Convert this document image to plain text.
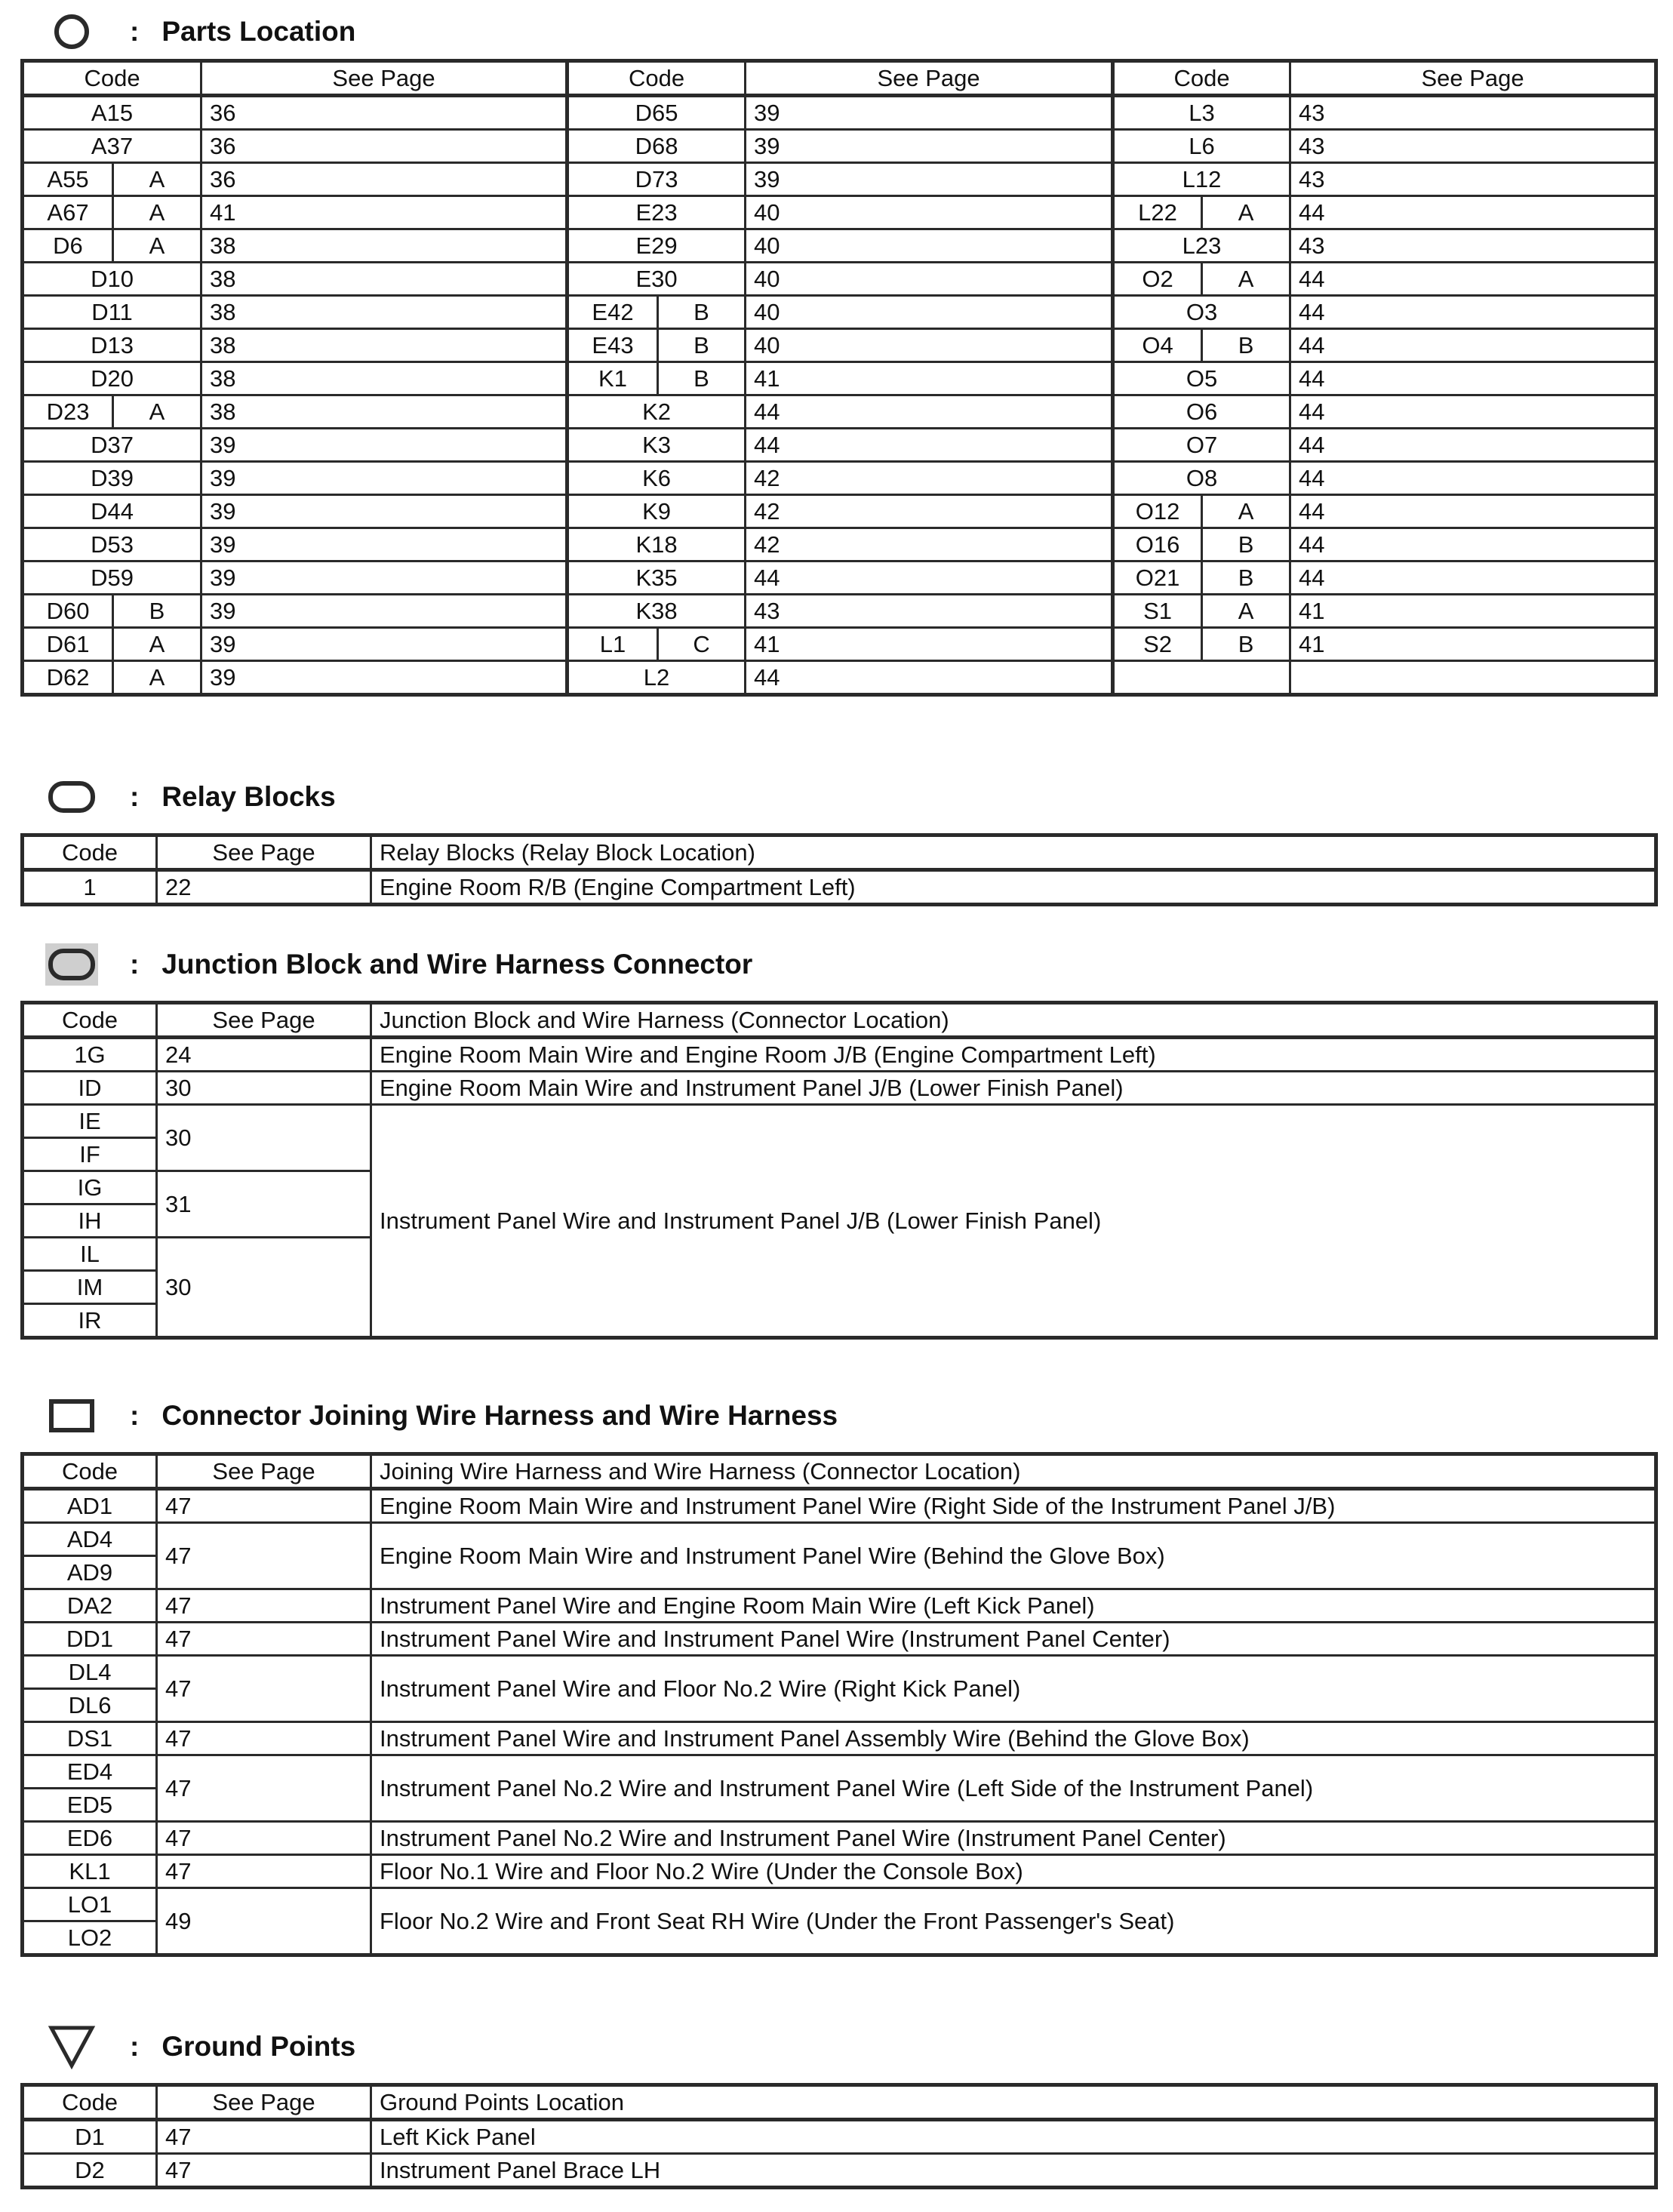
: Parts Location
Code		See Page	Code		See Page	Code		See Page
A15		36	D65		39	L3		43
A37		36	D68		39	L6		43
A55	A	36	D73		39	L12		43
A67	A	41	E23		40	L22	A	44
D6	A	38	E29		40	L23		43
D10		38	E30		40	O2	A	44
D11		38	E42	B	40	O3		44
D13		38	E43	B	40	O4	B	44
D20		38	K1	B	41	O5		44
D23	A	38	K2		44	O6		44
D37		39	K3		44	O7		44
D39		39	K6		42	O8		44
D44		39	K9		42	O12	A	44
D53		39	K18		42	O16	B	44
D59		39	K35		44	O21	B	44
D60	B	39	K38		43	S1	A	41
D61	A	39	L1	C	41	S2	B	41
D62	A	39	L2		44			
: Relay Blocks
Code	See Page	Relay Blocks (Relay Block Location)
1	22	Engine Room R/B (Engine Compartment Left)
: Junction Block and Wire Harness Connector
Code	See Page	Junction Block and Wire Harness (Connector Location)
1G	24	Engine Room Main Wire and Engine Room J/B (Engine Compartment Left)
ID	30	Engine Room Main Wire and Instrument Panel J/B (Lower Finish Panel)
IE	30	Instrument Panel Wire and Instrument Panel J/B (Lower Finish Panel)
IF		
IG	31	
IH		
IL	30	
IM		
IR		
: Connector Joining Wire Harness and Wire Harness
Code	See Page	Joining Wire Harness and Wire Harness (Connector Location)
AD1	47	Engine Room Main Wire and Instrument Panel Wire (Right Side of the Instrument Panel J/B)
AD4	47	Engine Room Main Wire and Instrument Panel Wire (Behind the Glove Box)
AD9		
DA2	47	Instrument Panel Wire and Engine Room Main Wire (Left Kick Panel)
DD1	47	Instrument Panel Wire and Instrument Panel Wire (Instrument Panel Center)
DL4	47	Instrument Panel Wire and Floor No.2 Wire (Right Kick Panel)
DL6		
DS1	47	Instrument Panel Wire and Instrument Panel Assembly Wire (Behind the Glove Box)
ED4	47	Instrument Panel No.2 Wire and Instrument Panel Wire (Left Side of the Instrument Panel)
ED5		
ED6	47	Instrument Panel No.2 Wire and Instrument Panel Wire (Instrument Panel Center)
KL1	47	Floor No.1 Wire and Floor No.2 Wire (Under the Console Box)
LO1	49	Floor No.2 Wire and Front Seat RH Wire (Under the Front Passenger's Seat)
LO2		
: Ground Points
Code	See Page	Ground Points Location
D1	47	Left Kick Panel
D2	47	Instrument Panel Brace LH
